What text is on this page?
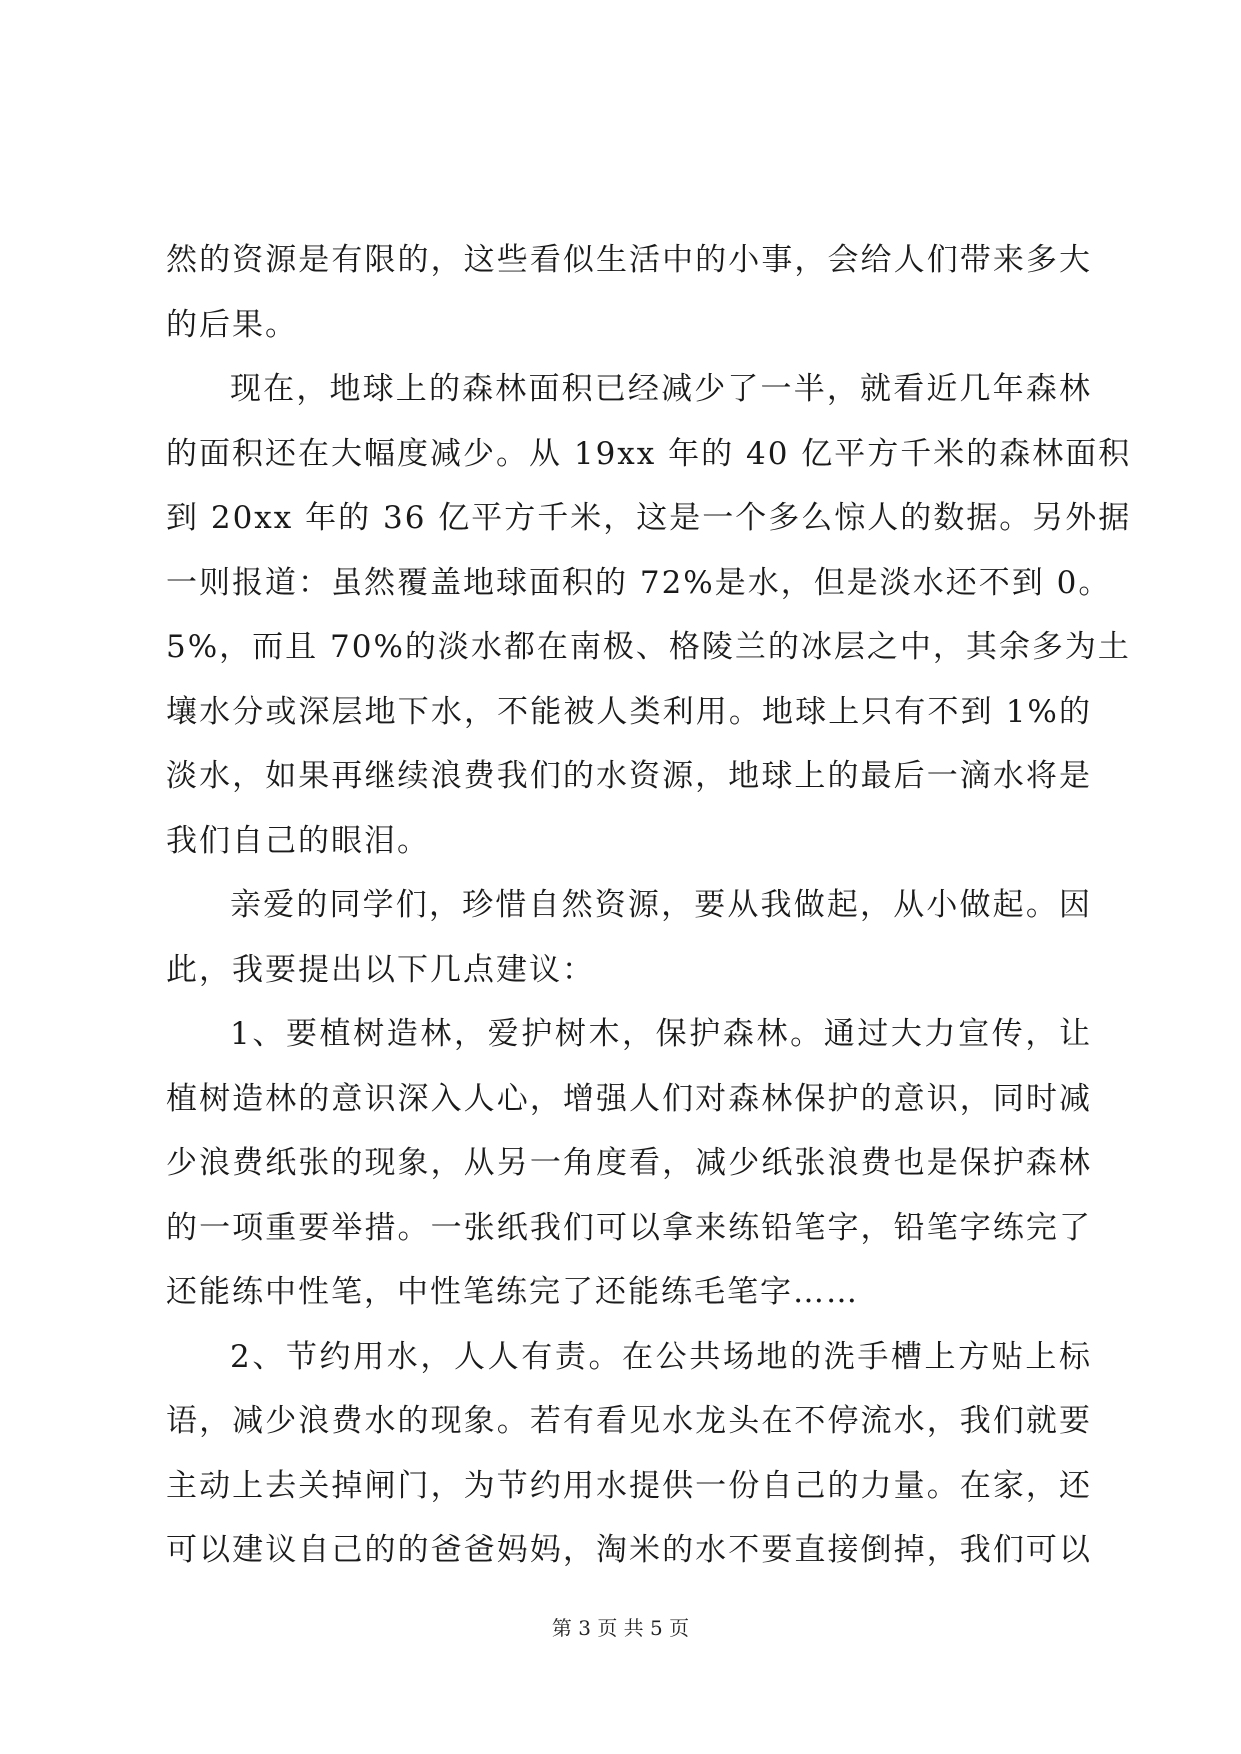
然的资源是有限的，这些看似生活中的小事，会给人们带来多大
的后果。
现在，地球上的森林面积已经减少了一半，就看近几年森林
的面积还在大幅度减少。从 19xx 年的 40 亿平方千米的森林面积
到 20xx 年的 36 亿平方千米，这是一个多么惊人的数据。另外据
一则报道：虽然覆盖地球面积的 72%是水，但是淡水还不到 0。
5%，而且 70%的淡水都在南极、格陵兰的冰层之中，其余多为土
壤水分或深层地下水，不能被人类利用。地球上只有不到 1%的
淡水，如果再继续浪费我们的水资源，地球上的最后一滴水将是
我们自己的眼泪。
亲爱的同学们，珍惜自然资源，要从我做起，从小做起。因
此，我要提出以下几点建议：
1、要植树造林，爱护树木，保护森林。通过大力宣传，让
植树造林的意识深入人心，增强人们对森林保护的意识，同时减
少浪费纸张的现象，从另一角度看，减少纸张浪费也是保护森林
的一项重要举措。一张纸我们可以拿来练铅笔字，铅笔字练完了
还能练中性笔，中性笔练完了还能练毛笔字……
2、节约用水，人人有责。在公共场地的洗手槽上方贴上标
语，减少浪费水的现象。若有看见水龙头在不停流水，我们就要
主动上去关掉闸门，为节约用水提供一份自己的力量。在家，还
可以建议自己的的爸爸妈妈，淘米的水不要直接倒掉，我们可以
第 3 页 共 5 页
